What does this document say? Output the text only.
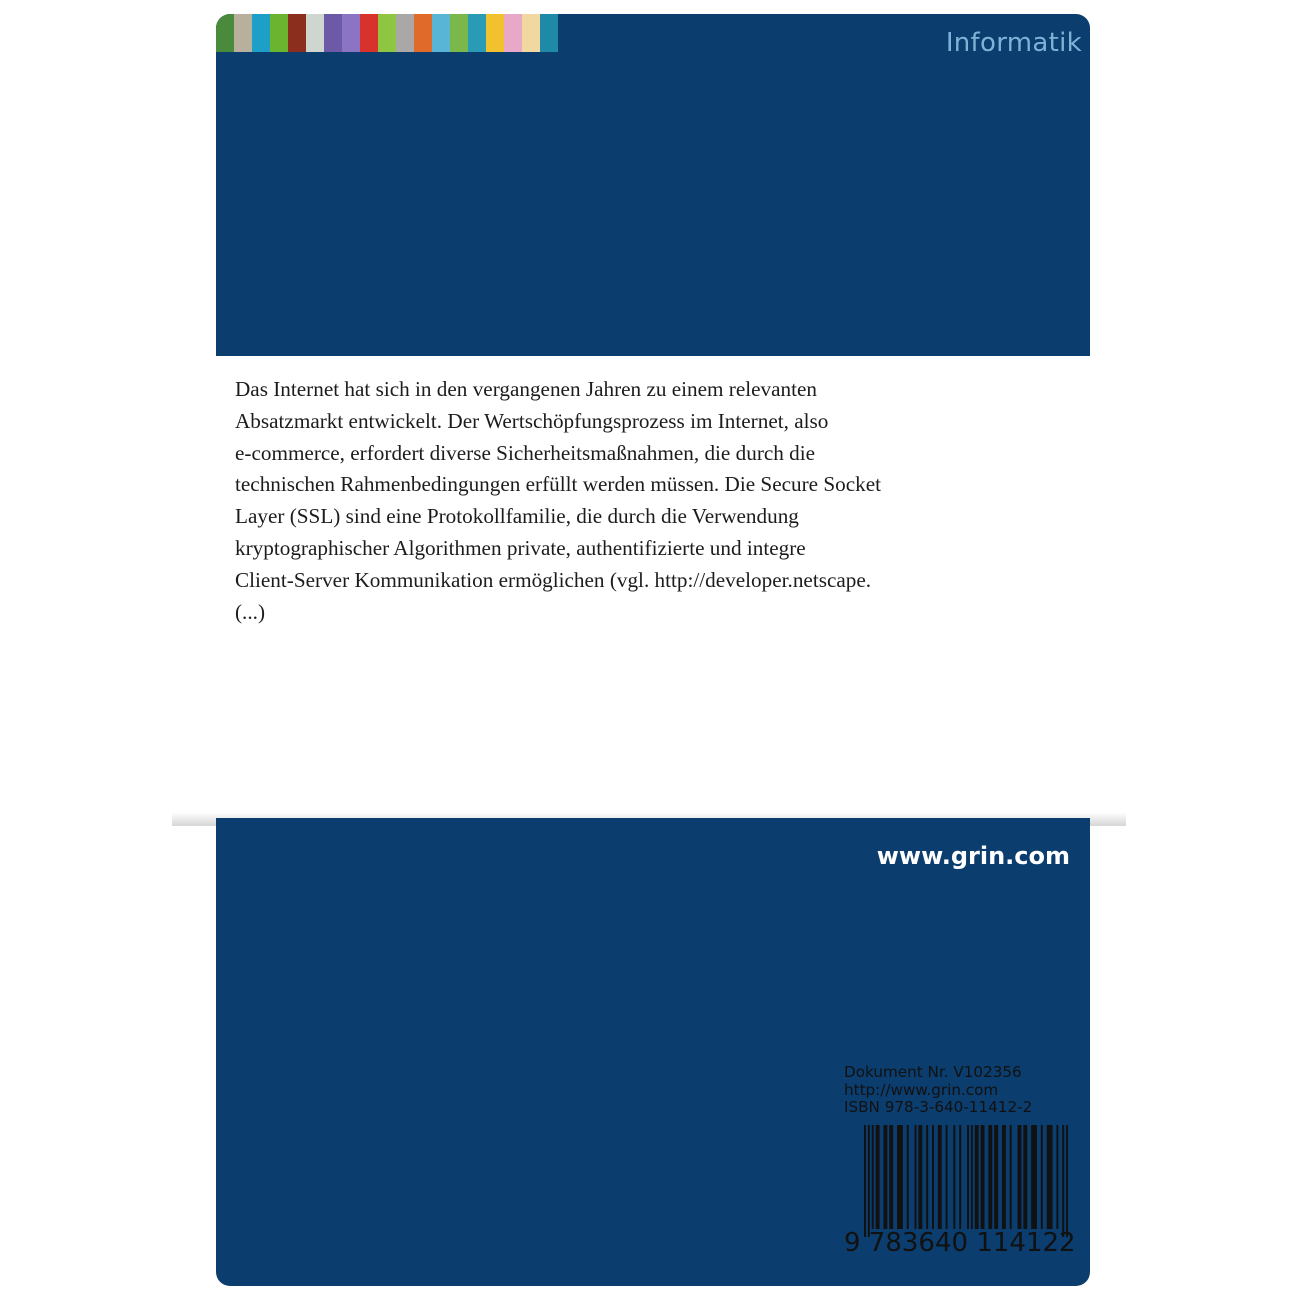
Informatik
Das Internet hat sich in den vergangenen Jahren zu einem relevanten
Absatzmarkt entwickelt. Der Wertschöpfungsprozess im Internet, also
e-commerce, erfordert diverse Sicherheitsmaßnahmen, die durch die
technischen Rahmenbedingungen erfüllt werden müssen. Die Secure Socket
Layer (SSL) sind eine Protokollfamilie, die durch die Verwendung
kryptographischer Algorithmen private, authentifizierte und integre
Client-Server Kommunikation ermöglichen (vgl. http://developer.netscape.
(...)
www.grin.com
Dokument Nr. V102356
http://www.grin.com
ISBN 978-3-640-11412-2
9 783640 114122
